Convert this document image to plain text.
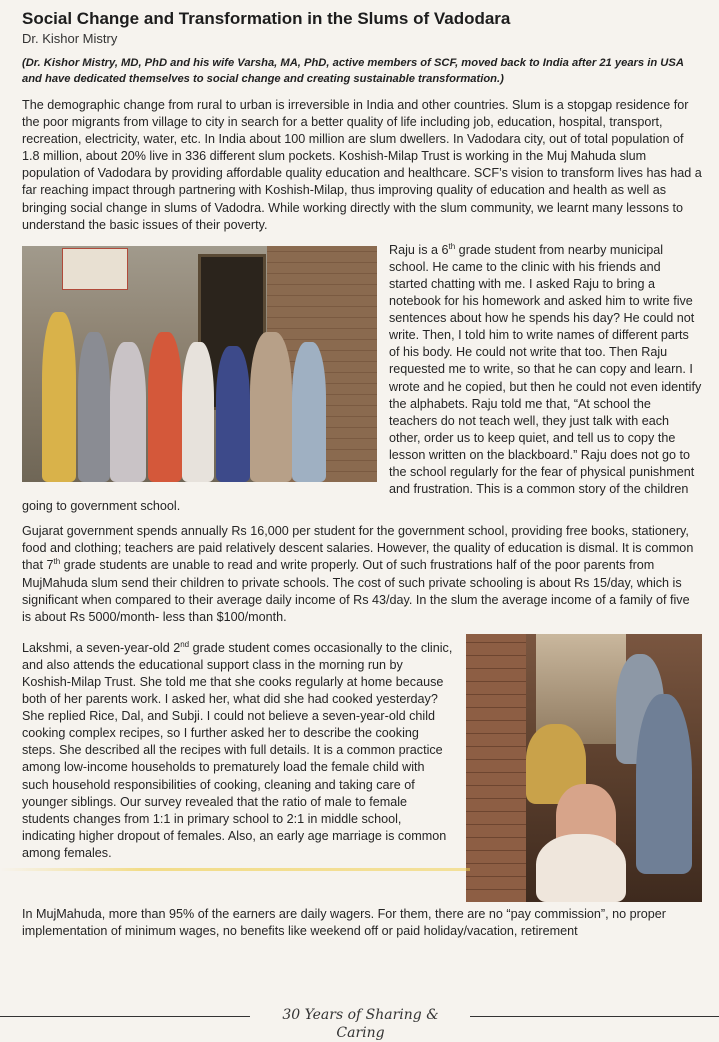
Social Change and Transformation in the Slums of Vadodara
Dr. Kishor Mistry
(Dr. Kishor Mistry, MD, PhD and his wife Varsha, MA, PhD, active members of SCF, moved back to India after 21 years in USA and have dedicated themselves to social change and creating sustainable transformation.)

The demographic change from rural to urban is irreversible in India and other countries. Slum is a stopgap residence for the poor migrants from village to city in search for a better quality of life including job, education, hospital, transport, recreation, electricity, water, etc. In India about 100 million are slum dwellers. In Vadodara city, out of total population of 1.8 million, about 20% live in 336 different slum pockets. Koshish-Milap Trust is working in the Muj Mahuda slum population of Vadodara by providing affordable quality education and healthcare. SCF’s vision to transform lives has had a far reaching impact through partnering with Koshish-Milap, thus improving quality of education and health as well as bringing social change in slums of Vadodra. While working directly with the slum community, we learnt many lessons to understand the basic issues of their poverty.

Raju is a 6th grade student from nearby municipal school. He came to the clinic with his friends and started chatting with me. I asked Raju to bring a notebook for his homework and asked him to write five sentences about how he spends his day? He could not write. Then, I told him to write names of different parts of his body. He could not write that too. Then Raju requested me to write, so that he can copy and learn. I wrote and he copied, but then he could not even identify the alphabets. Raju told me that, “At school the teachers do not teach well, they just talk with each other, order us to keep quiet, and tell us to copy the lesson written on the blackboard.” Raju does not go to the school regularly for the fear of physical punishment and frustration. This is a common story of the children going to government school.

Gujarat government spends annually Rs 16,000 per student for the government school, providing free books, stationery, food and clothing; teachers are paid relatively descent salaries. However, the quality of education is dismal. It is common that 7th grade students are unable to read and write properly. Out of such frustrations half of the poor parents from MujMahuda slum send their children to private schools. The cost of such private schooling is about Rs 15/day, which is significant when compared to their average daily income of Rs 43/day. In the slum the average income of a family of five is about Rs 5000/month- less than $100/month.

Lakshmi, a seven-year-old 2nd grade student comes occasionally to the clinic, and also attends the educational support class in the morning run by Koshish-Milap Trust. She told me that she cooks regularly at home because both of her parents work. I asked her, what did she had cooked yesterday? She replied Rice, Dal, and Subji. I could not believe a seven-year-old child cooking complex recipes, so I further asked her to describe the cooking steps. She described all the recipes with full details. It is a common practice among low-income households to prematurely load the female child with such household responsibilities of cooking, cleaning and taking care of younger siblings. Our survey revealed that the ratio of male to female students changes from 1:1 in primary school to 2:1 in middle school, indicating higher dropout of females. Also, an early age marriage is common among females.

In MujMahuda, more than 95% of the earners are daily wagers. For them, there are no “pay commission”, no proper implementation of minimum wages, no benefits like weekend off or paid holiday/vacation, retirement

30 Years of Sharing & Caring
